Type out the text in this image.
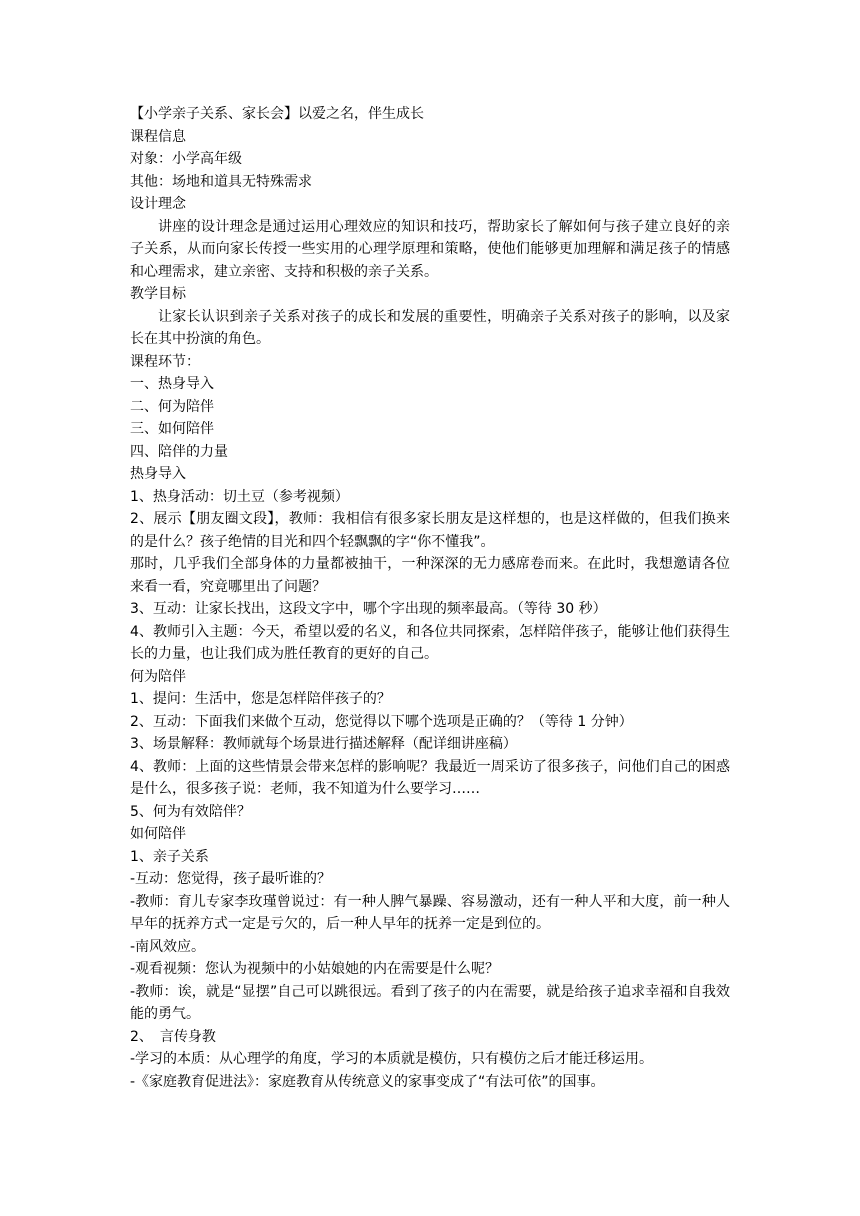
【小学亲子关系、家长会】以爱之名，伴生成长

课程信息

对象：小学高年级

其他：场地和道具无特殊需求

设计理念

讲座的设计理念是通过运用心理效应的知识和技巧，帮助家长了解如何与孩子建立良好的亲子关系，从而向家长传授一些实用的心理学原理和策略，使他们能够更加理解和满足孩子的情感和心理需求，建立亲密、支持和积极的亲子关系。

教学目标

让家长认识到亲子关系对孩子的成长和发展的重要性，明确亲子关系对孩子的影响，以及家长在其中扮演的角色。

课程环节：

一、热身导入

二、何为陪伴

三、如何陪伴

四、陪伴的力量

热身导入

1、热身活动：切土豆（参考视频）

2、展示【朋友圈文段】，教师：我相信有很多家长朋友是这样想的，也是这样做的，但我们换来的是什么？孩子绝情的目光和四个轻飘飘的字“你不懂我”。

那时，几乎我们全部身体的力量都被抽干，一种深深的无力感席卷而来。在此时，我想邀请各位来看一看，究竟哪里出了问题？

3、互动：让家长找出，这段文字中，哪个字出现的频率最高。（等待 30 秒）

4、教师引入主题：今天，希望以爱的名义，和各位共同探索，怎样陪伴孩子，能够让他们获得生长的力量，也让我们成为胜任教育的更好的自己。

何为陪伴

1、提问：生活中，您是怎样陪伴孩子的？

2、互动：下面我们来做个互动，您觉得以下哪个选项是正确的？（等待 1 分钟）

3、场景解释：教师就每个场景进行描述解释（配详细讲座稿）

4、教师：上面的这些情景会带来怎样的影响呢？我最近一周采访了很多孩子，问他们自己的困惑是什么，很多孩子说：老师，我不知道为什么要学习……

5、何为有效陪伴？

如何陪伴

1、亲子关系

-互动：您觉得，孩子最听谁的？

-教师：育儿专家李玫瑾曾说过：有一种人脾气暴躁、容易激动，还有一种人平和大度，前一种人早年的抚养方式一定是亏欠的，后一种人早年的抚养一定是到位的。

-南风效应。

-观看视频：您认为视频中的小姑娘她的内在需要是什么呢？

-教师：诶，就是“显摆”自己可以跳很远。看到了孩子的内在需要，就是给孩子追求幸福和自我效能的勇气。

2、　言传身教

-学习的本质：从心理学的角度，学习的本质就是模仿，只有模仿之后才能迁移运用。

-《家庭教育促进法》：家庭教育从传统意义的家事变成了“有法可依”的国事。
